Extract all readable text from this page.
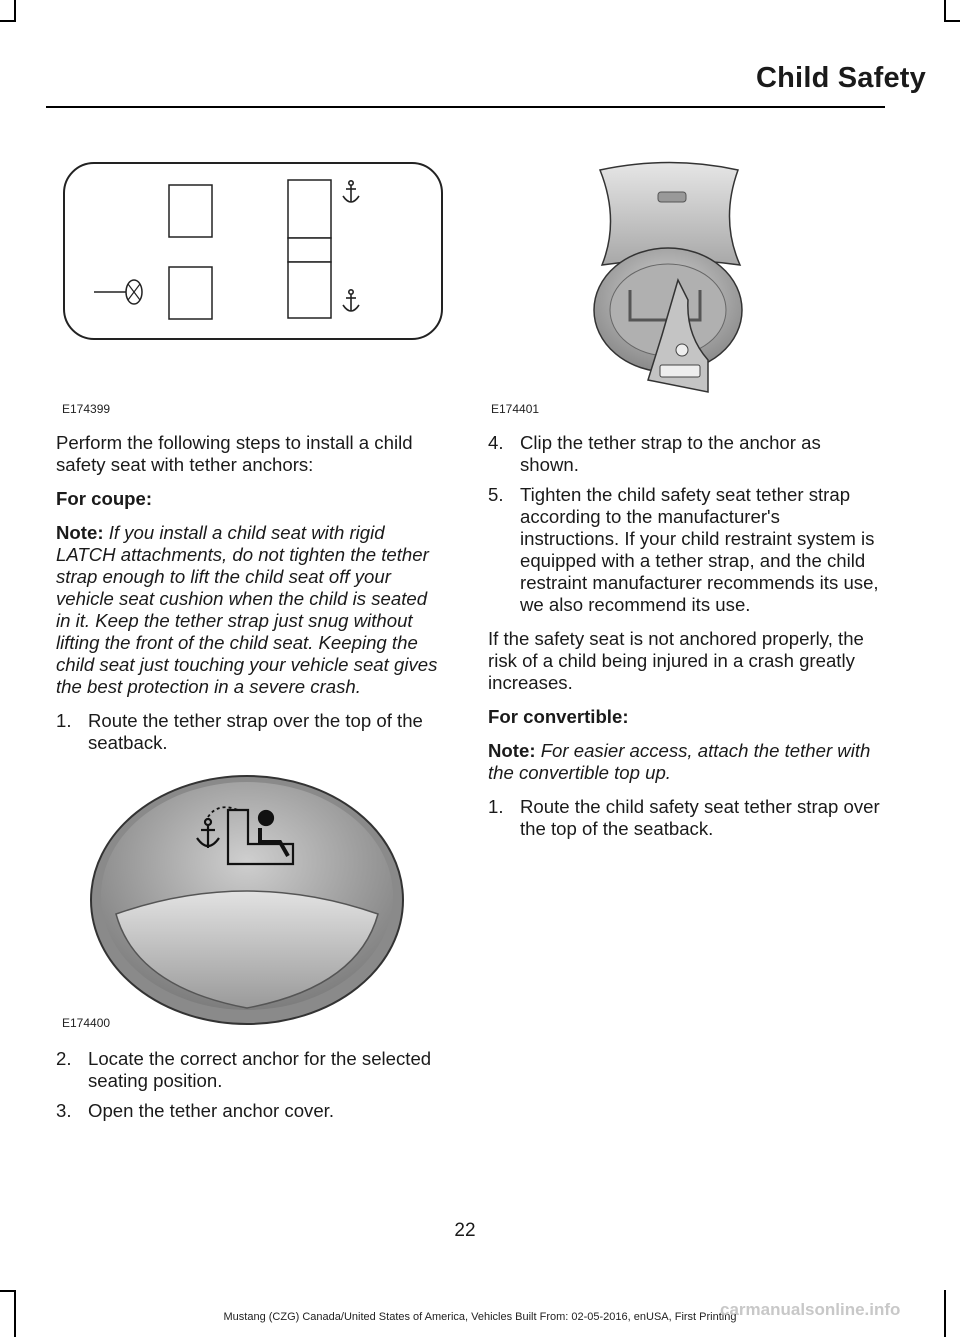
Child Safety
E174399	E174401

Perform the following steps to install a child safety seat with tether anchors:

For coupe:

Note: If you install a child seat with rigid LATCH attachments, do not tighten the tether strap enough to lift the child seat off your vehicle seat cushion when the child is seated in it. Keep the tether strap just snug without lifting the front of the child seat. Keeping the child seat just touching your vehicle seat gives the best protection in a severe crash.

1. Route the tether strap over the top of the seatback.
E174400
2. Locate the correct anchor for the selected seating position.
3. Open the tether anchor cover.
4. Clip the tether strap to the anchor as shown.
5. Tighten the child safety seat tether strap according to the manufacturer's instructions. If your child restraint system is equipped with a tether strap, and the child restraint manufacturer recommends its use, we also recommend its use.

If the safety seat is not anchored properly, the risk of a child being injured in a crash greatly increases.

For convertible:

Note: For easier access, attach the tether with the convertible top up.

1. Route the child safety seat tether strap over the top of the seatback.
22
Mustang (CZG) Canada/United States of America, Vehicles Built From: 02-05-2016, enUSA, First Printing
carmanualsonline.info
